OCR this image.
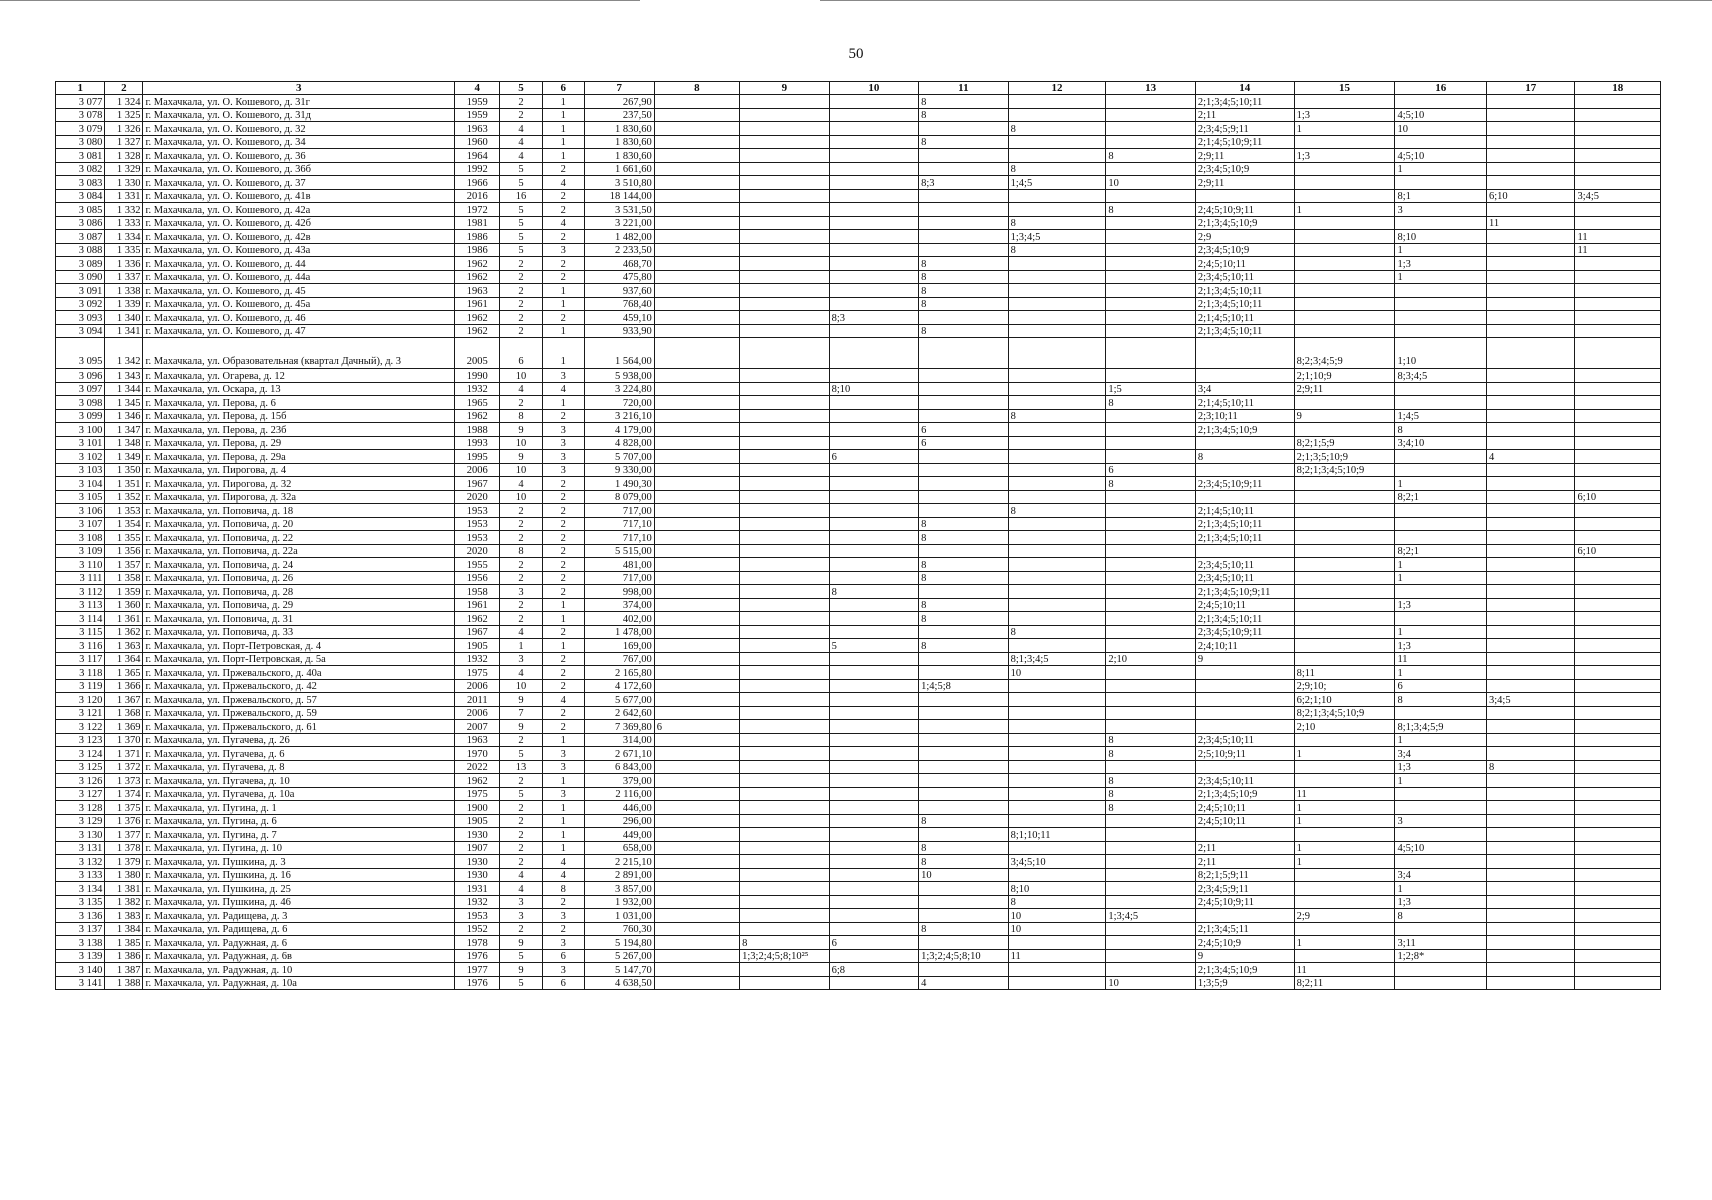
50
1	2	3	4	5	6	7	8	9	10	11	12	13	14	15	16	17	18
3 077	1 324	г. Махачкала, ул. О. Кошевого, д. 31г	1959	2	1	267,90				8			2;1;3;4;5;10;11				
3 078	1 325	г. Махачкала, ул. О. Кошевого, д. 31д	1959	2	1	237,50				8			2;11	1;3	4;5;10		
3 079	1 326	г. Махачкала, ул. О. Кошевого, д. 32	1963	4	1	1 830,60					8		2;3;4;5;9;11	1	10		
3 080	1 327	г. Махачкала, ул. О. Кошевого, д. 34	1960	4	1	1 830,60				8			2;1;4;5;10;9;11				
3 081	1 328	г. Махачкала, ул. О. Кошевого, д. 36	1964	4	1	1 830,60						8	2;9;11	1;3	4;5;10		
3 082	1 329	г. Махачкала, ул. О. Кошевого, д. 36б	1992	5	2	1 661,60					8		2;3;4;5;10;9		1		
3 083	1 330	г. Махачкала, ул. О. Кошевого, д. 37	1966	5	4	3 510,80				8;3	1;4;5	10	2;9;11				
3 084	1 331	г. Махачкала, ул. О. Кошевого, д. 41в	2016	16	2	18 144,00									8;1	6;10	3;4;5
3 085	1 332	г. Махачкала, ул. О. Кошевого, д. 42а	1972	5	2	3 531,50						8	2;4;5;10;9;11	1	3		
3 086	1 333	г. Махачкала, ул. О. Кошевого, д. 42б	1981	5	4	3 221,00					8		2;1;3;4;5;10;9			11	
3 087	1 334	г. Махачкала, ул. О. Кошевого, д. 42в	1986	5	2	1 482,00					1;3;4;5		2;9		8;10		11
3 088	1 335	г. Махачкала, ул. О. Кошевого, д. 43а	1986	5	3	2 233,50					8		2;3;4;5;10;9		1		11
3 089	1 336	г. Махачкала, ул. О. Кошевого, д. 44	1962	2	2	468,70				8			2;4;5;10;11		1;3		
3 090	1 337	г. Махачкала, ул. О. Кошевого, д. 44а	1962	2	2	475,80				8			2;3;4;5;10;11		1		
3 091	1 338	г. Махачкала, ул. О. Кошевого, д. 45	1963	2	1	937,60				8			2;1;3;4;5;10;11				
3 092	1 339	г. Махачкала, ул. О. Кошевого, д. 45а	1961	2	1	768,40				8			2;1;3;4;5;10;11				
3 093	1 340	г. Махачкала, ул. О. Кошевого, д. 46	1962	2	2	459,10			8;3				2;1;4;5;10;11				
3 094	1 341	г. Махачкала, ул. О. Кошевого, д. 47	1962	2	1	933,90				8			2;1;3;4;5;10;11				
3 095	1 342	г. Махачкала, ул. Образовательная (квартал Дачный), д. 3	2005	6	1	1 564,00								8;2;3;4;5;9	1;10		
3 096	1 343	г. Махачкала, ул. Огарева, д. 12	1990	10	3	5 938,00								2;1;10;9	8;3;4;5		
3 097	1 344	г. Махачкала, ул. Оскара, д. 13	1932	4	4	3 224,80			8;10			1;5	3;4	2;9;11			
3 098	1 345	г. Махачкала, ул. Перова, д. 6	1965	2	1	720,00						8	2;1;4;5;10;11				
3 099	1 346	г. Махачкала, ул. Перова, д. 15б	1962	8	2	3 216,10					8		2;3;10;11	9	1;4;5		
3 100	1 347	г. Махачкала, ул. Перова, д. 23б	1988	9	3	4 179,00				6			2;1;3;4;5;10;9		8		
3 101	1 348	г. Махачкала, ул. Перова, д. 29	1993	10	3	4 828,00				6				8;2;1;5;9	3;4;10		
3 102	1 349	г. Махачкала, ул. Перова, д. 29а	1995	9	3	5 707,00			6				8	2;1;3;5;10;9		4	
3 103	1 350	г. Махачкала, ул. Пирогова, д. 4	2006	10	3	9 330,00						6		8;2;1;3;4;5;10;9			
3 104	1 351	г. Махачкала, ул. Пирогова, д. 32	1967	4	2	1 490,30						8	2;3;4;5;10;9;11		1		
3 105	1 352	г. Махачкала, ул. Пирогова, д. 32а	2020	10	2	8 079,00									8;2;1		6;10
3 106	1 353	г. Махачкала, ул. Поповича, д. 18	1953	2	2	717,00					8		2;1;4;5;10;11				
3 107	1 354	г. Махачкала, ул. Поповича, д. 20	1953	2	2	717,10				8			2;1;3;4;5;10;11				
3 108	1 355	г. Махачкала, ул. Поповича, д. 22	1953	2	2	717,10				8			2;1;3;4;5;10;11				
3 109	1 356	г. Махачкала, ул. Поповича, д. 22а	2020	8	2	5 515,00									8;2;1		6;10
3 110	1 357	г. Махачкала, ул. Поповича, д. 24	1955	2	2	481,00				8			2;3;4;5;10;11		1		
3 111	1 358	г. Махачкала, ул. Поповича, д. 26	1956	2	2	717,00				8			2;3;4;5;10;11		1		
3 112	1 359	г. Махачкала, ул. Поповича, д. 28	1958	3	2	998,00			8				2;1;3;4;5;10;9;11				
3 113	1 360	г. Махачкала, ул. Поповича, д. 29	1961	2	1	374,00				8			2;4;5;10;11		1;3		
3 114	1 361	г. Махачкала, ул. Поповича, д. 31	1962	2	1	402,00				8			2;1;3;4;5;10;11				
3 115	1 362	г. Махачкала, ул. Поповича, д. 33	1967	4	2	1 478,00					8		2;3;4;5;10;9;11		1		
3 116	1 363	г. Махачкала, ул. Порт-Петровская, д. 4	1905	1	1	169,00			5	8			2;4;10;11		1;3		
3 117	1 364	г. Махачкала, ул. Порт-Петровская, д. 5а	1932	3	2	767,00					8;1;3;4;5	2;10	9		11		
3 118	1 365	г. Махачкала, ул. Пржевальского, д. 40а	1975	4	2	2 165,80					10			8;11	1		
3 119	1 366	г. Махачкала, ул. Пржевальского, д. 42	2006	10	2	4 172,60				1;4;5;8				2;9;10;	6		
3 120	1 367	г. Махачкала, ул. Пржевальского, д. 57	2011	9	4	5 677,00								6;2;1;10	8	3;4;5	
3 121	1 368	г. Махачкала, ул. Пржевальского, д. 59	2006	7	2	2 642,60								8;2;1;3;4;5;10;9			
3 122	1 369	г. Махачкала, ул. Пржевальского, д. 61	2007	9	2	7 369,80	6							2;10	8;1;3;4;5;9		
3 123	1 370	г. Махачкала, ул. Пугачева, д. 26	1963	2	1	314,00						8	2;3;4;5;10;11		1		
3 124	1 371	г. Махачкала, ул. Пугачева, д. 6	1970	5	3	2 671,10						8	2;5;10;9;11	1	3;4		
3 125	1 372	г. Махачкала, ул. Пугачева, д. 8	2022	13	3	6 843,00									1;3	8	
3 126	1 373	г. Махачкала, ул. Пугачева, д. 10	1962	2	1	379,00						8	2;3;4;5;10;11		1		
3 127	1 374	г. Махачкала, ул. Пугачева, д. 10а	1975	5	3	2 116,00						8	2;1;3;4;5;10;9	11			
3 128	1 375	г. Махачкала, ул. Пугина, д. 1	1900	2	1	446,00						8	2;4;5;10;11	1			
3 129	1 376	г. Махачкала, ул. Пугина, д. 6	1905	2	1	296,00				8			2;4;5;10;11	1	3		
3 130	1 377	г. Махачкала, ул. Пугина, д. 7	1930	2	1	449,00					8;1;10;11						
3 131	1 378	г. Махачкала, ул. Пугина, д. 10	1907	2	1	658,00				8			2;11	1	4;5;10		
3 132	1 379	г. Махачкала, ул. Пушкина, д. 3	1930	2	4	2 215,10				8	3;4;5;10		2;11	1			
3 133	1 380	г. Махачкала, ул. Пушкина, д. 16	1930	4	4	2 891,00				10			8;2;1;5;9;11		3;4		
3 134	1 381	г. Махачкала, ул. Пушкина, д. 25	1931	4	8	3 857,00					8;10		2;3;4;5;9;11		1		
3 135	1 382	г. Махачкала, ул. Пушкина, д. 46	1932	3	2	1 932,00					8		2;4;5;10;9;11		1;3		
3 136	1 383	г. Махачкала, ул. Радищева, д. 3	1953	3	3	1 031,00					10	1;3;4;5		2;9	8		
3 137	1 384	г. Махачкала, ул. Радищева, д. 6	1952	2	2	760,30				8	10		2;1;3;4;5;11				
3 138	1 385	г. Махачкала, ул. Радужная, д. 6	1978	9	3	5 194,80		8	6				2;4;5;10;9	1	3;11		
3 139	1 386	г. Махачкала, ул. Радужная, д. 6в	1976	5	6	5 267,00		1;3;2;4;5;8;10²⁵		1;3;2;4;5;8;10	11		9		1;2;8*		
3 140	1 387	г. Махачкала, ул. Радужная, д. 10	1977	9	3	5 147,70			6;8				2;1;3;4;5;10;9	11			
3 141	1 388	г. Махачкала, ул. Радужная, д. 10а	1976	5	6	4 638,50				4		10	1;3;5;9	8;2;11			
